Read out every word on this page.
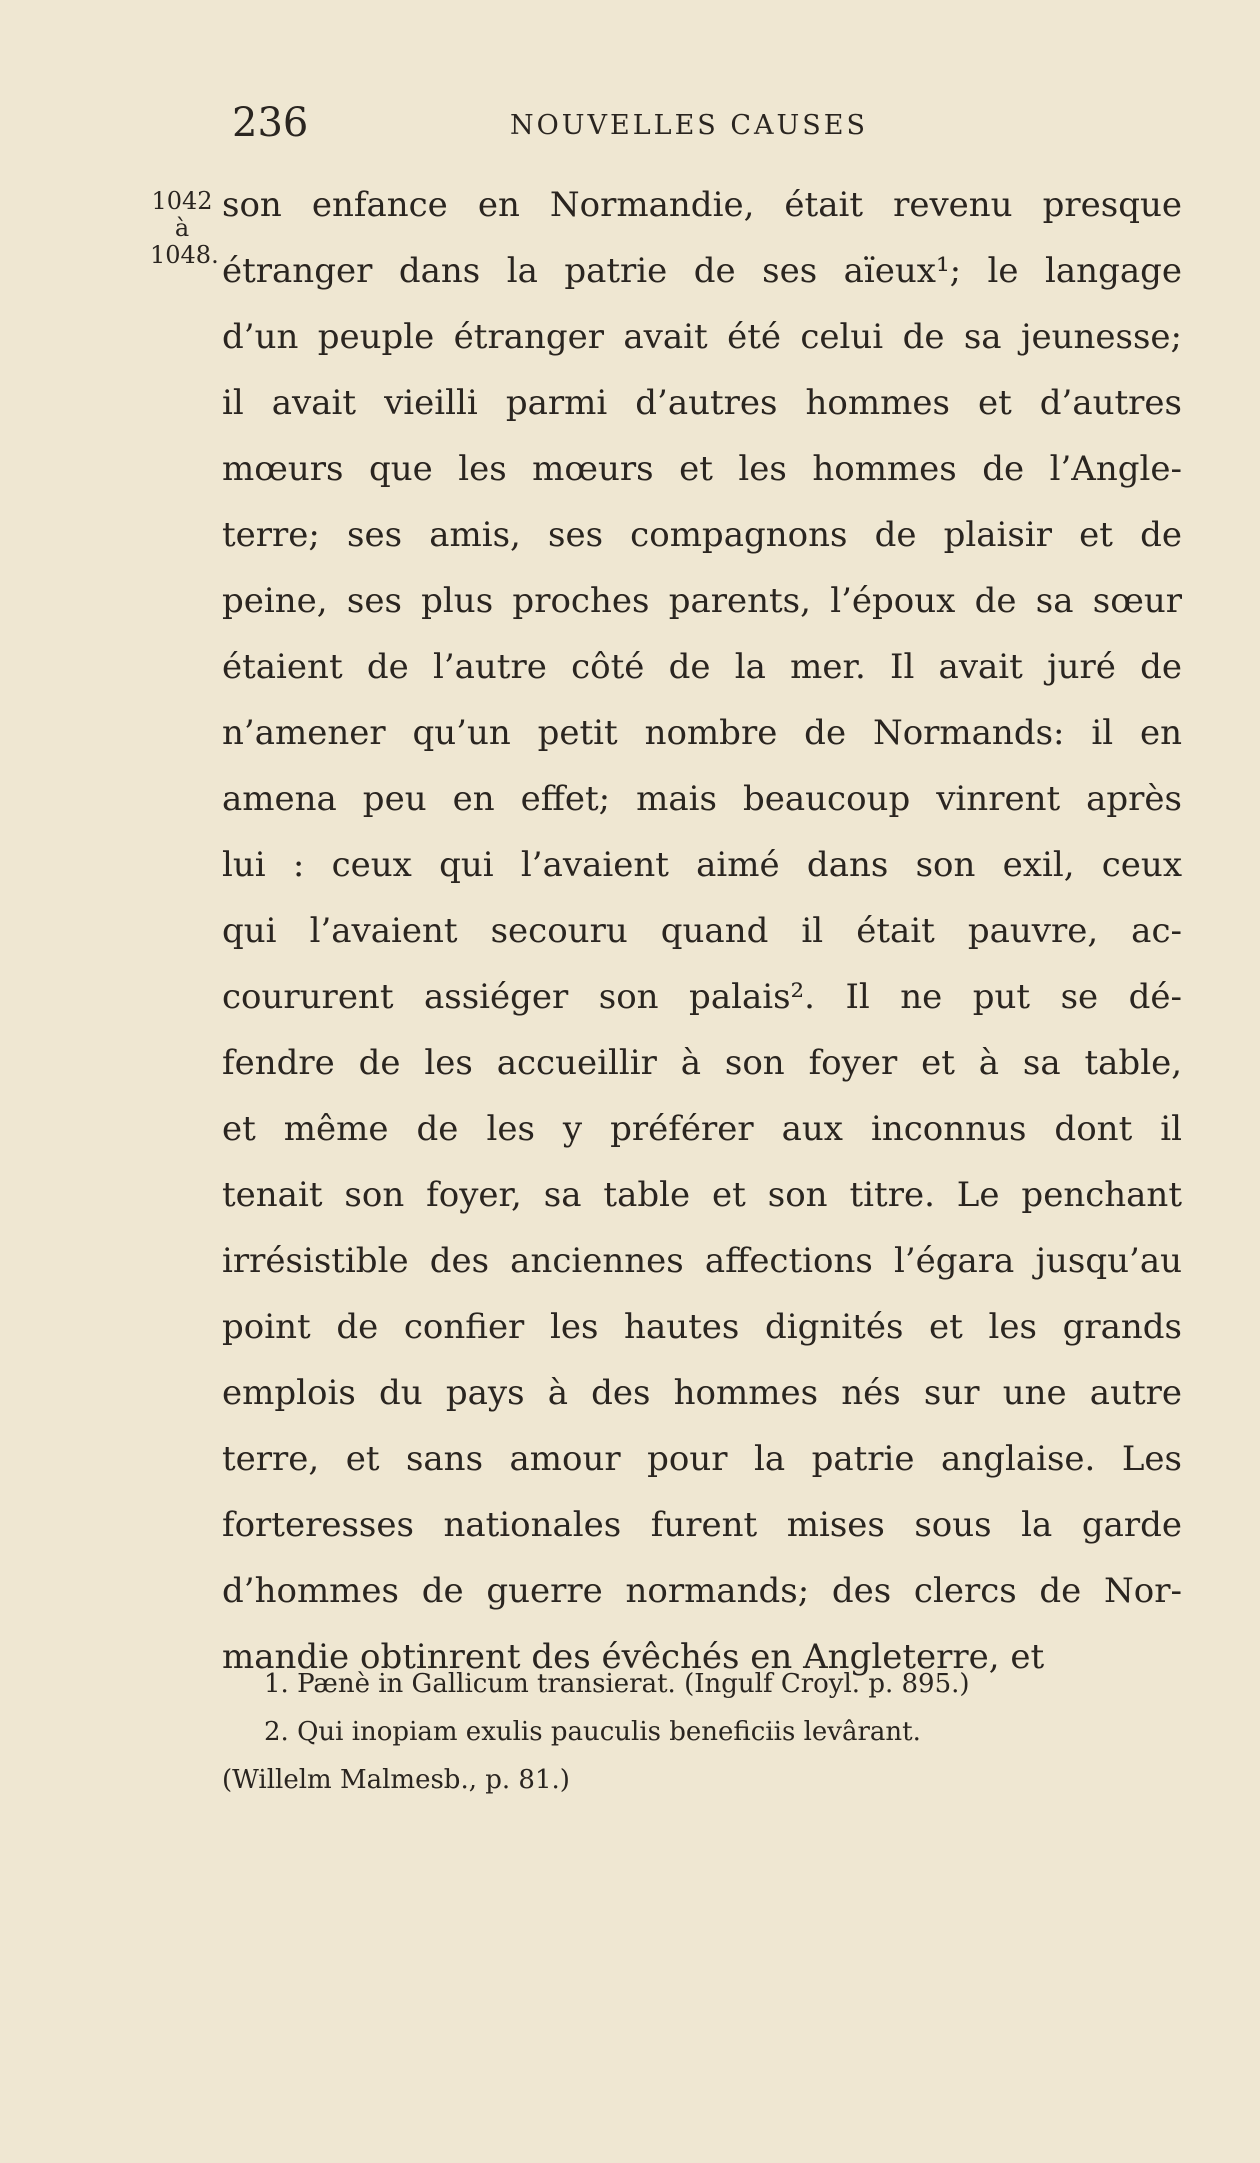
236	NOUVELLES CAUSES
1042
à
1048.
son enfance en Normandie, était revenu presque
étranger dans la patrie de ses aïeux¹; le langage
d’un peuple étranger avait été celui de sa jeunesse;
il avait vieilli parmi d’autres hommes et d’autres
mœurs que les mœurs et les hommes de l’Angle-
terre; ses amis, ses compagnons de plaisir et de
peine, ses plus proches parents, l’époux de sa sœur
étaient de l’autre côté de la mer. Il avait juré de
n’amener qu’un petit nombre de Normands: il en
amena peu en effet; mais beaucoup vinrent après
lui : ceux qui l’avaient aimé dans son exil, ceux
qui l’avaient secouru quand il était pauvre, ac-
coururent assiéger son palais². Il ne put se dé-
fendre de les accueillir à son foyer et à sa table,
et même de les y préférer aux inconnus dont il
tenait son foyer, sa table et son titre. Le penchant
irrésistible des anciennes affections l’égara jusqu’au
point de confier les hautes dignités et les grands
emplois du pays à des hommes nés sur une autre
terre, et sans amour pour la patrie anglaise. Les
forteresses nationales furent mises sous la garde
d’hommes de guerre normands; des clercs de Nor-
mandie obtinrent des évêchés en Angleterre, et
1. Pænè in Gallicum transierat. (Ingulf Croyl. p. 895.)
2. Qui inopiam exulis pauculis beneficiis levârant.
(Willelm Malmesb., p. 81.)
